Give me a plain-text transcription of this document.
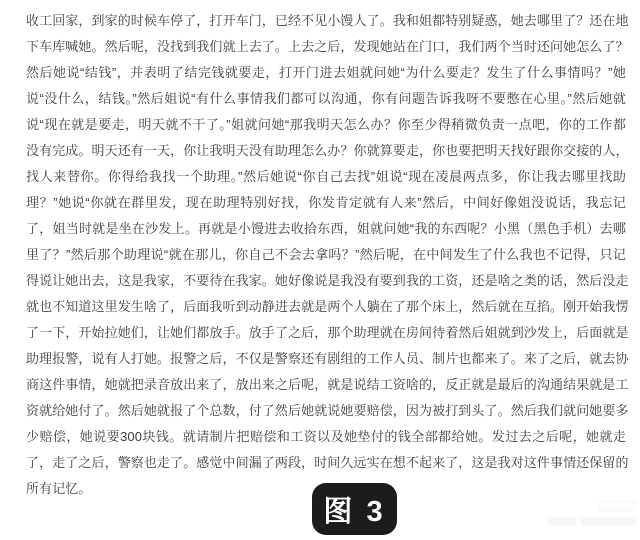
收工回家，到家的时候车停了，打开车门，已经不见小馒人了。我和姐都特别疑惑，她去哪里了？还在地
下车库喊她。然后呢，没找到我们就上去了。上去之后，发现她站在门口，我们两个当时还问她怎么了？
然后她说“结钱”，并表明了结完钱就要走，打开门进去姐就问她“为什么要走？发生了什么事情吗？”她
说“没什么，结钱。”然后姐说“有什么事情我们都可以沟通，你有问题告诉我呀不要憋在心里。”然后她就
说“现在就是要走，明天就不干了。”姐就问她“那我明天怎么办？你至少得稍微负责一点吧，你的工作都
没有完成。明天还有一天，你让我明天没有助理怎么办？你就算要走，你也要把明天找好跟你交接的人，
找人来替你。你得给我找一个助理。”然后她说“你自己去找”姐说“现在凌晨两点多，你让我去哪里找助
理？”她说“你就在群里发，现在助理特别好找，你发肯定就有人来”然后，中间好像姐没说话，我忘记
了，姐当时就是坐在沙发上。再就是小馒进去收拾东西，姐就问她“我的东西呢？小黑（黑色手机）去哪
里了？”然后那个助理说“就在那儿，你自己不会去拿吗？”然后呢，在中间发生了什么我也不记得，只记
得说让她出去，这是我家，不要待在我家。她好像说是我没有要到我的工资，还是啥之类的话，然后没走
就也不知道这里发生啥了，后面我听到动静进去就是两个人躺在了那个床上，然后就在互掐。刚开始我愣
了一下，开始拉她们，让她们都放手。放手了之后，那个助理就在房间待着然后姐就到沙发上，后面就是
助理报警，说有人打她。报警之后，不仅是警察还有剧组的工作人员、制片也都来了。来了之后，就去协
商这件事情，她就把录音放出来了，放出来之后呢，就是说结工资啥的，反正就是最后的沟通结果就是工
资就给她付了。然后她就报了个总数，付了然后她就说她要赔偿，因为被打到头了。然后我们就问她要多
少赔偿，她说要300块钱。就请制片把赔偿和工资以及她垫付的钱全部都给她。发过去之后呢，她就走
了，走了之后，警察也走了。感觉中间漏了两段，时间久远实在想不起来了，这是我对这件事情还保留的
所有记忆。
图 3
